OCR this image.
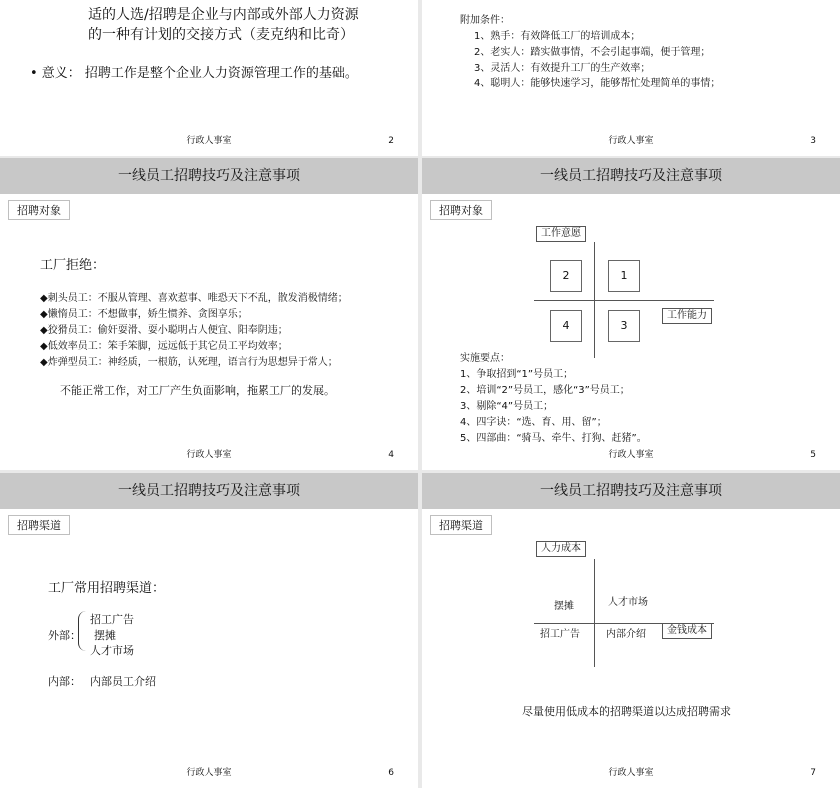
适的人选/招聘是企业与内部或外部人力资源
的一种有计划的交接方式（麦克纳和比奇）
• 意义： 招聘工作是整个企业人力资源管理工作的基础。
行政人事室	2
附加条件：
1、熟手：有效降低工厂的培训成本；
2、老实人：踏实做事情，不会引起事端，便于管理；
3、灵活人：有效提升工厂的生产效率；
4、聪明人：能够快速学习，能够帮忙处理简单的事情；
行政人事室	3
一线员工招聘技巧及注意事项
招聘对象
工厂拒绝：
◆刺头员工：不服从管理、喜欢惹事、唯恐天下不乱，散发消极情绪；
◆懒惰员工：不想做事，娇生惯养、贪图享乐；
◆狡猾员工：偷奸耍滑、耍小聪明占人便宜、阳奉阴违；
◆低效率员工：笨手笨脚，远远低于其它员工平均效率；
◆炸弹型员工：神经质，一根筋，认死理，语言行为思想异于常人；
不能正常工作，对工厂产生负面影响，拖累工厂的发展。
行政人事室	4
一线员工招聘技巧及注意事项
招聘对象
工作意愿
工作能力
2	1
4	3
实施要点：
1、争取招到“1”号员工；
2、培训“2”号员工，感化“3”号员工；
3、剔除“4”号员工；
4、四字诀：“选、育、用、留”；
5、四部曲：“骑马、牵牛、打狗、赶猪”。
行政人事室	5
一线员工招聘技巧及注意事项
招聘渠道
工厂常用招聘渠道：
外部：
招工广告
摆摊
人才市场
内部： 内部员工介绍
行政人事室	6
一线员工招聘技巧及注意事项
招聘渠道
人力成本
金钱成本
摆摊	人才市场
招工广告	内部介绍
尽量使用低成本的招聘渠道以达成招聘需求
行政人事室	7
